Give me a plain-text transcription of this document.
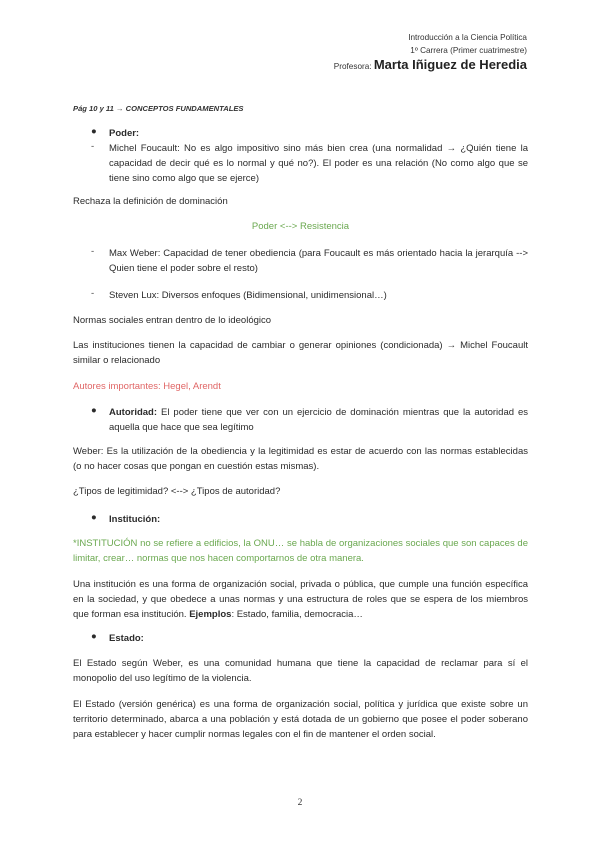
Introducción a la Ciencia Política
1º Carrera (Primer cuatrimestre)
Profesora: Marta Iñiguez de Heredia
Pág 10 y 11 → CONCEPTOS FUNDAMENTALES
● Poder:
- Michel Foucault: No es algo impositivo sino más bien crea (una normalidad → ¿Quién tiene la capacidad de decir qué es lo normal y qué no?). El poder es una relación (No como algo que se tiene sino como algo que se ejerce)
Rechaza la definición de dominación
Poder <--> Resistencia
- Max Weber: Capacidad de tener obediencia (para Foucault es más orientado hacia la jerarquía --> Quien tiene el poder sobre el resto)
- Steven Lux: Diversos enfoques (Bidimensional, unidimensional…)
Normas sociales entran dentro de lo ideológico
Las instituciones tienen la capacidad de cambiar o generar opiniones (condicionada) → Michel Foucault similar o relacionado
Autores importantes: Hegel, Arendt
● Autoridad: El poder tiene que ver con un ejercicio de dominación mientras que la autoridad es aquella que hace que sea legítimo
Weber: Es la utilización de la obediencia y la legitimidad es estar de acuerdo con las normas establecidas (o no hacer cosas que pongan en cuestión estas mismas).
¿Tipos de legitimidad? <--> ¿Tipos de autoridad?
● Institución:
*INSTITUCIÓN no se refiere a edificios, la ONU… se habla de organizaciones sociales que son capaces de limitar, crear… normas que nos hacen comportarnos de otra manera.
Una institución es una forma de organización social, privada o pública, que cumple una función específica en la sociedad, y que obedece a unas normas y una estructura de roles que se espera de los miembros que forman esa institución. Ejemplos: Estado, familia, democracia…
● Estado:
El Estado según Weber, es una comunidad humana que tiene la capacidad de reclamar para sí el monopolio del uso legítimo de la violencia.
El Estado (versión genérica) es una forma de organización social, política y jurídica que existe sobre un territorio determinado, abarca a una población y está dotada de un gobierno que posee el poder soberano para establecer y hacer cumplir normas legales con el fin de mantener el orden social.
2
